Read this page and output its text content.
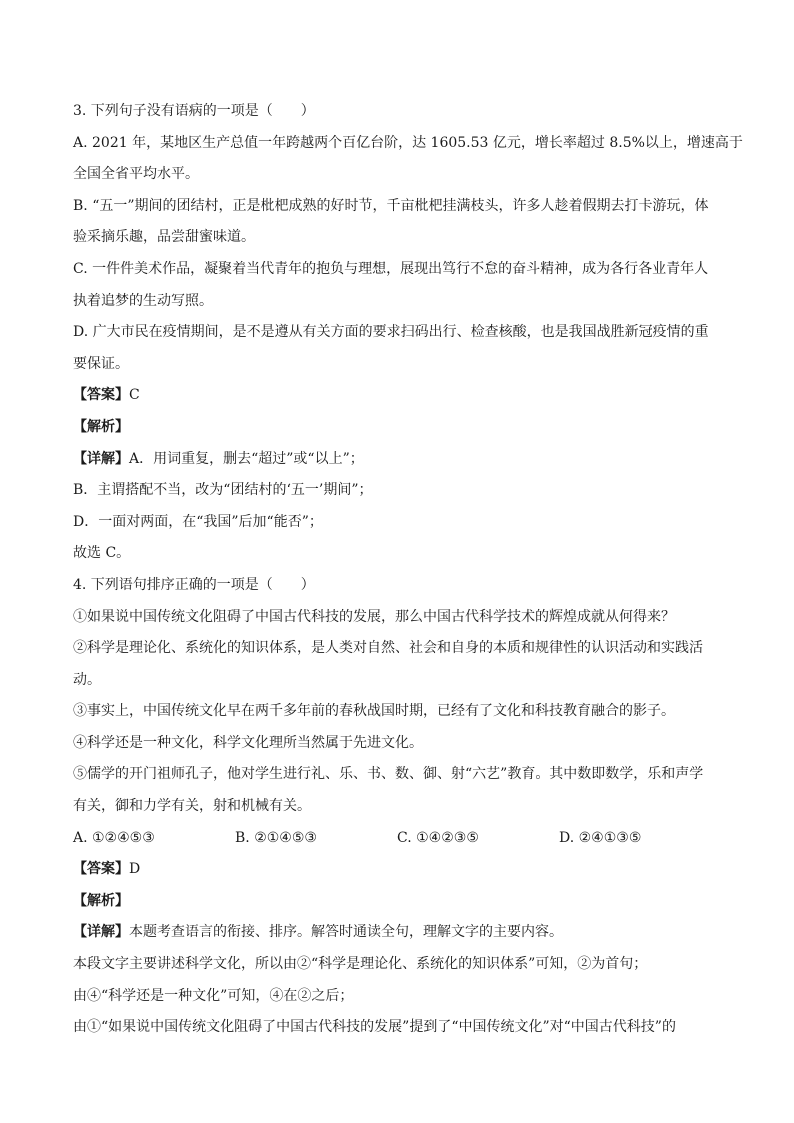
3. 下列句子没有语病的一项是（　　）
A. 2021 年，某地区生产总值一年跨越两个百亿台阶，达 1605.53 亿元，增长率超过 8.5%以上，增速高于
全国全省平均水平。
B. “五一”期间的团结村，正是枇杷成熟的好时节，千亩枇杷挂满枝头，许多人趁着假期去打卡游玩，体
验采摘乐趣，品尝甜蜜味道。
C. 一件件美术作品，凝聚着当代青年的抱负与理想，展现出笃行不怠的奋斗精神，成为各行各业青年人
执着追梦的生动写照。
D. 广大市民在疫情期间，是不是遵从有关方面的要求扫码出行、检查核酸，也是我国战胜新冠疫情的重
要保证。
【答案】C
【解析】
【详解】A．用词重复，删去“超过”或“以上”；
B．主谓搭配不当，改为“团结村的‘五一’期间”；
D．一面对两面，在“我国”后加“能否”；
故选 C。
4. 下列语句排序正确的一项是（　　）
①如果说中国传统文化阻碍了中国古代科技的发展，那么中国古代科学技术的辉煌成就从何得来？
②科学是理论化、系统化的知识体系，是人类对自然、社会和自身的本质和规律性的认识活动和实践活
动。
③事实上，中国传统文化早在两千多年前的春秋战国时期，已经有了文化和科技教育融合的影子。
④科学还是一种文化，科学文化理所当然属于先进文化。
⑤儒学的开门祖师孔子，他对学生进行礼、乐、书、数、御、射“六艺”教育。其中数即数学，乐和声学
有关，御和力学有关，射和机械有关。
A. ①②④⑤③	B. ②①④⑤③	C. ①④②③⑤	D. ②④①③⑤
【答案】D
【解析】
【详解】本题考查语言的衔接、排序。解答时通读全句，理解文字的主要内容。
本段文字主要讲述科学文化，所以由②“科学是理论化、系统化的知识体系”可知，②为首句；
由④“科学还是一种文化”可知，④在②之后；
由①“如果说中国传统文化阻碍了中国古代科技的发展”提到了“中国传统文化”对“中国古代科技”的
